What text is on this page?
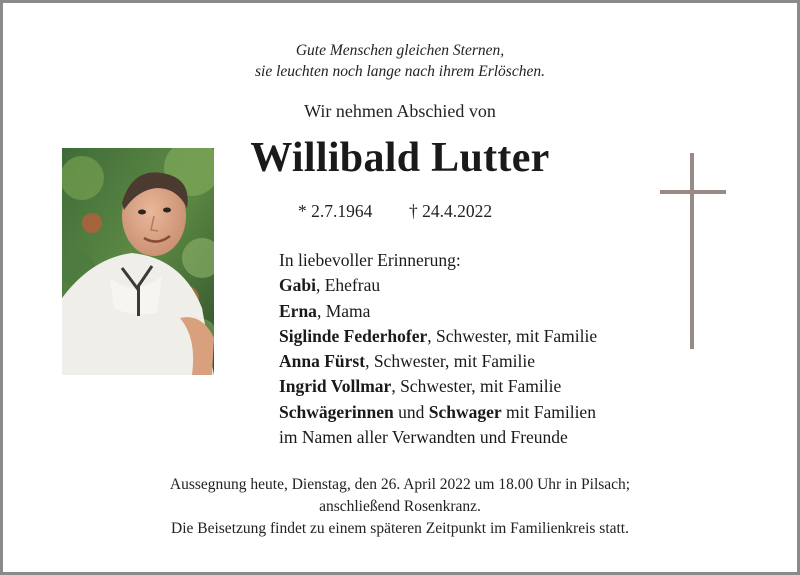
Gute Menschen gleichen Sternen,
sie leuchten noch lange nach ihrem Erlöschen.
Wir nehmen Abschied von
Willibald Lutter
* 2.7.1964 † 24.4.2022
In liebevoller Erinnerung:
Gabi, Ehefrau
Erna, Mama
Siglinde Federhofer, Schwester, mit Familie
Anna Fürst, Schwester, mit Familie
Ingrid Vollmar, Schwester, mit Familie
Schwägerinnen und Schwager mit Familien
im Namen aller Verwandten und Freunde
Aussegnung heute, Dienstag, den 26. April 2022 um 18.00 Uhr in Pilsach;
anschließend Rosenkranz.
Die Beisetzung findet zu einem späteren Zeitpunkt im Familienkreis statt.
